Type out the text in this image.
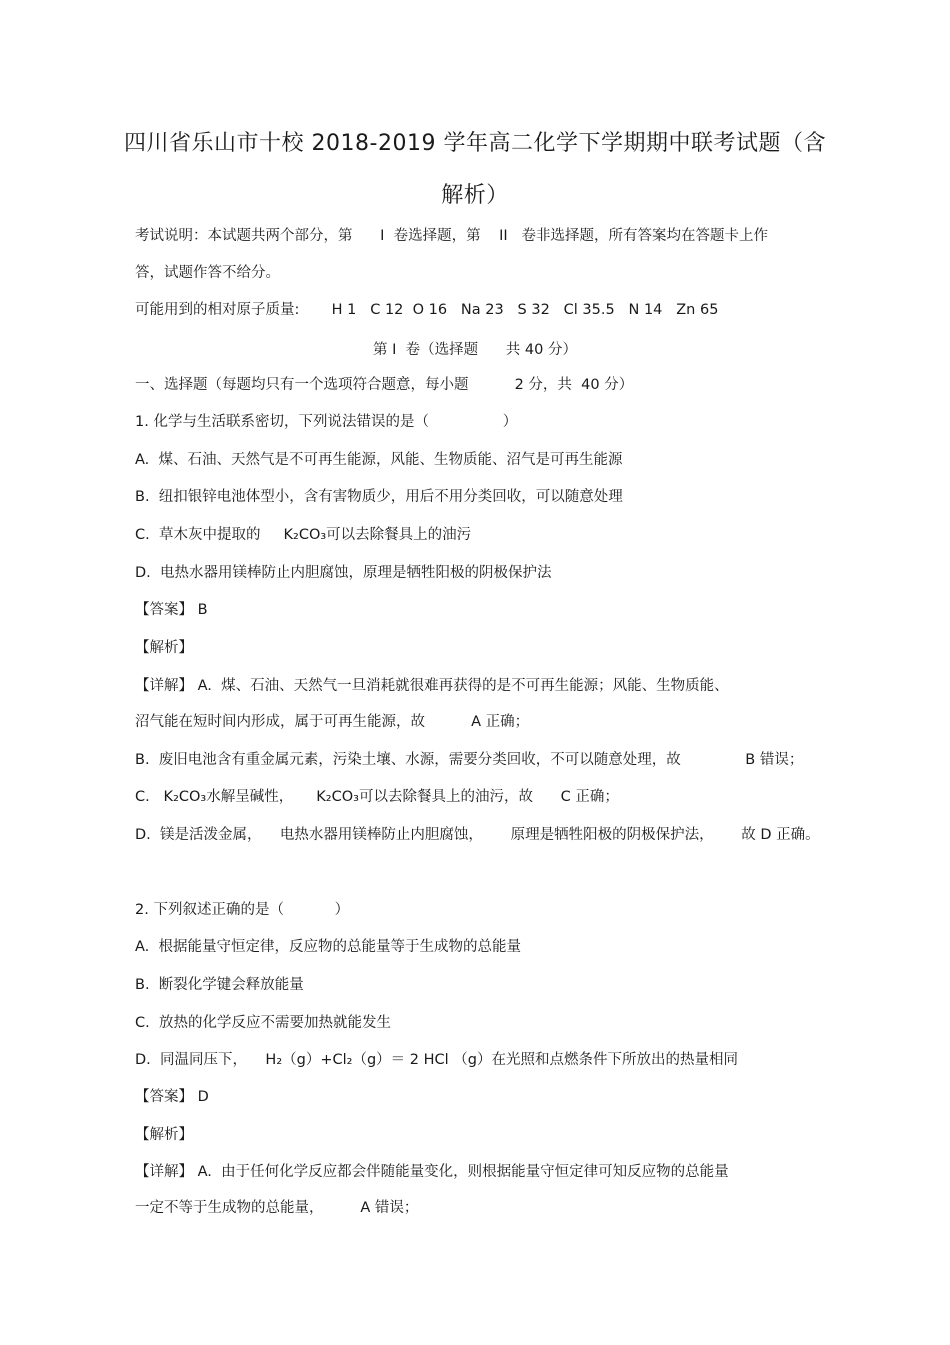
四川省乐山市十校 2018-2019 学年高二化学下学期期中联考试题（含
解析）
考试说明：本试题共两个部分，第      I  卷选择题，第    II   卷非选择题，所有答案均在答题卡上作
答，试题作答不给分。
可能用到的相对原子质量:       H 1   C 12  O 16   Na 23   S 32   Cl 35.5   N 14   Zn 65
第 I  卷（选择题      共 40 分）
一、选择题（每题均只有一个选项符合题意，每小题          2 分，共  40 分）
1. 化学与生活联系密切，下列说法错误的是（                ）
A.  煤、石油、天然气是不可再生能源，风能、生物质能、沼气是可再生能源
B.  纽扣银锌电池体型小，含有害物质少，用后不用分类回收，可以随意处理
C.  草木灰中提取的     K₂CO₃可以去除餐具上的油污
D.  电热水器用镁棒防止内胆腐蚀，原理是牺牲阳极的阴极保护法
【答案】 B
【解析】
【详解】 A.  煤、石油、天然气一旦消耗就很难再获得的是不可再生能源；风能、生物质能、
沼气能在短时间内形成，属于可再生能源，故          A 正确；
B.  废旧电池含有重金属元素，污染土壤、水源，需要分类回收，不可以随意处理，故              B 错误；
C.   K₂CO₃水解呈碱性，     K₂CO₃可以去除餐具上的油污，故      C 正确；
D.  镁是活泼金属，    电热水器用镁棒防止内胆腐蚀，      原理是牺牲阳极的阴极保护法，      故 D 正确。
2. 下列叙述正确的是（           ）
A.  根据能量守恒定律，反应物的总能量等于生成物的总能量
B.  断裂化学键会释放能量
C.  放热的化学反应不需要加热就能发生
D.  同温同压下，    H₂（g）+Cl₂（g）＝ 2 HCl （g）在光照和点燃条件下所放出的热量相同
【答案】 D
【解析】
【详解】 A.  由于任何化学反应都会伴随能量变化，则根据能量守恒定律可知反应物的总能量
一定不等于生成物的总能量，        A 错误；
